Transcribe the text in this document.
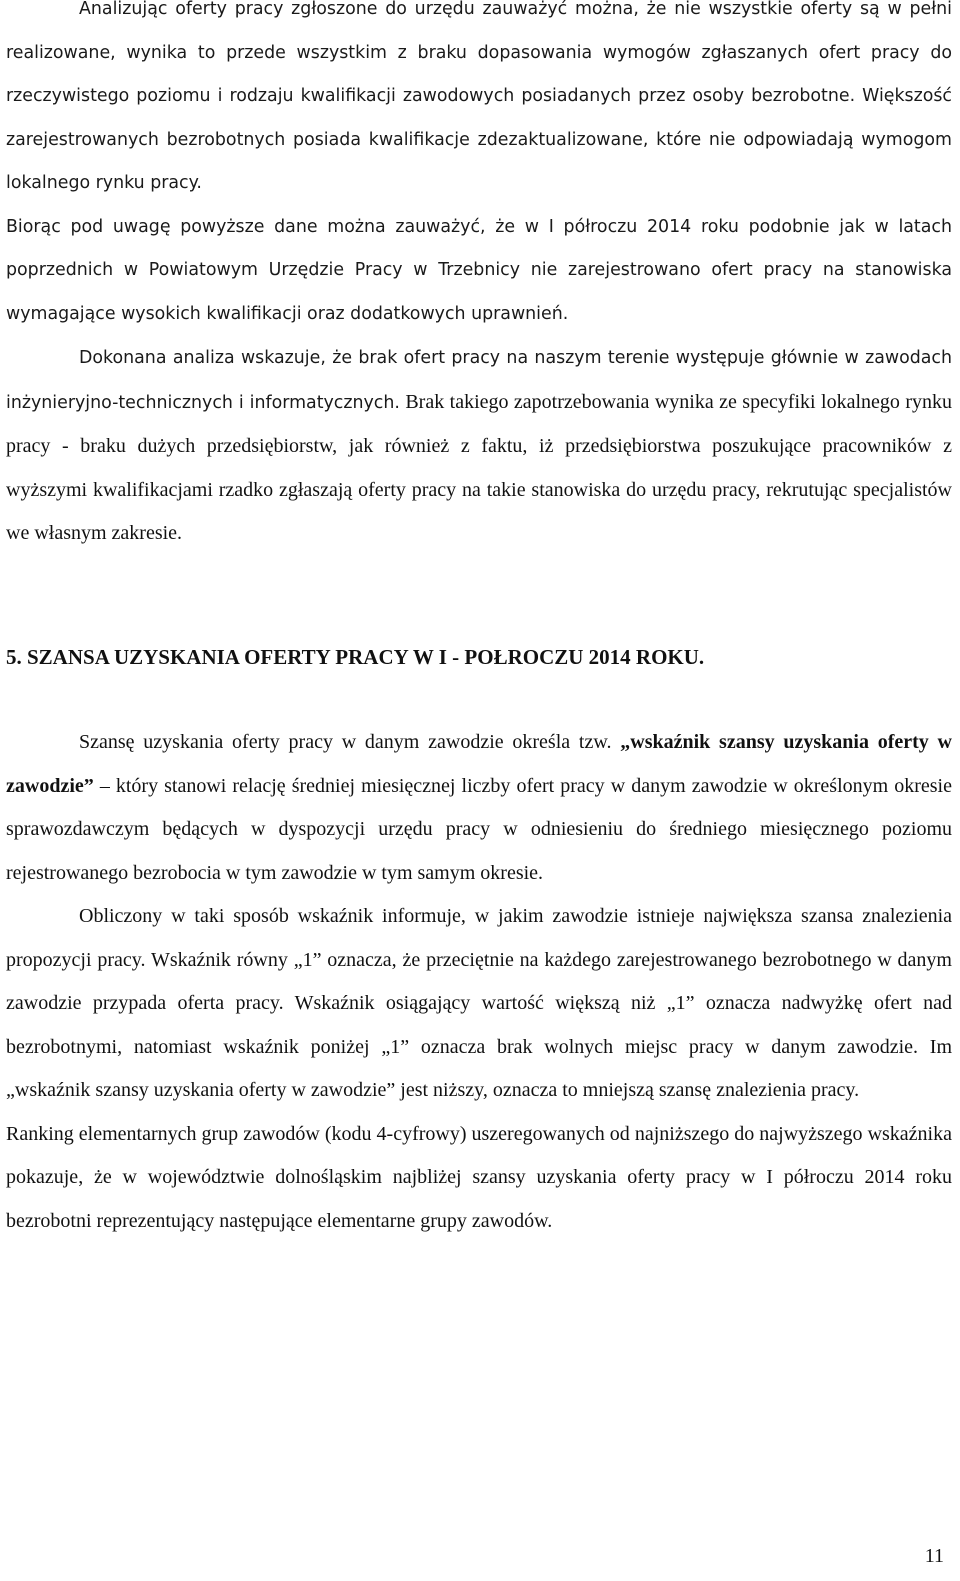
Analizując oferty pracy zgłoszone do urzędu zauważyć można, że nie wszystkie oferty są w pełni realizowane, wynika to przede wszystkim z braku dopasowania wymogów zgłaszanych ofert pracy do rzeczywistego poziomu i rodzaju kwalifikacji zawodowych posiadanych przez osoby bezrobotne. Większość zarejestrowanych bezrobotnych posiada kwalifikacje zdezaktualizowane, które nie odpowiadają wymogom lokalnego rynku pracy.

Biorąc pod uwagę powyższe dane można zauważyć, że w I półroczu 2014 roku podobnie jak w latach poprzednich w Powiatowym Urzędzie Pracy w Trzebnicy nie zarejestrowano ofert pracy na stanowiska wymagające wysokich kwalifikacji oraz dodatkowych uprawnień.

Dokonana analiza wskazuje, że brak ofert pracy na naszym terenie występuje głównie w zawodach inżynieryjno-technicznych i informatycznych. Brak takiego zapotrzebowania wynika ze specyfiki lokalnego rynku pracy - braku dużych przedsiębiorstw, jak również z faktu, iż przedsiębiorstwa poszukujące pracowników z wyższymi kwalifikacjami rzadko zgłaszają oferty pracy na takie stanowiska do urzędu pracy, rekrutując specjalistów we własnym zakresie.

5. SZANSA UZYSKANIA OFERTY PRACY W I - POŁROCZU 2014 ROKU.

Szansę uzyskania oferty pracy w danym zawodzie określa tzw. „wskaźnik szansy uzyskania oferty w zawodzie” – który stanowi relację średniej miesięcznej liczby ofert pracy w danym zawodzie w określonym okresie sprawozdawczym będących w dyspozycji urzędu pracy w odniesieniu do średniego miesięcznego poziomu rejestrowanego bezrobocia w tym zawodzie w tym samym okresie.

Obliczony w taki sposób wskaźnik informuje, w jakim zawodzie istnieje największa szansa znalezienia propozycji pracy. Wskaźnik równy „1” oznacza, że przeciętnie na każdego zarejestrowanego bezrobotnego w danym zawodzie przypada oferta pracy. Wskaźnik osiągający wartość większą niż „1” oznacza nadwyżkę ofert nad bezrobotnymi, natomiast wskaźnik poniżej „1” oznacza brak wolnych miejsc pracy w danym zawodzie. Im „wskaźnik szansy uzyskania oferty w zawodzie” jest niższy, oznacza to mniejszą szansę znalezienia pracy.

Ranking elementarnych grup zawodów (kodu 4-cyfrowy) uszeregowanych od najniższego do najwyższego wskaźnika pokazuje, że w województwie dolnośląskim najbliżej szansy uzyskania oferty pracy w I półroczu 2014 roku bezrobotni reprezentujący następujące elementarne grupy zawodów.

11
